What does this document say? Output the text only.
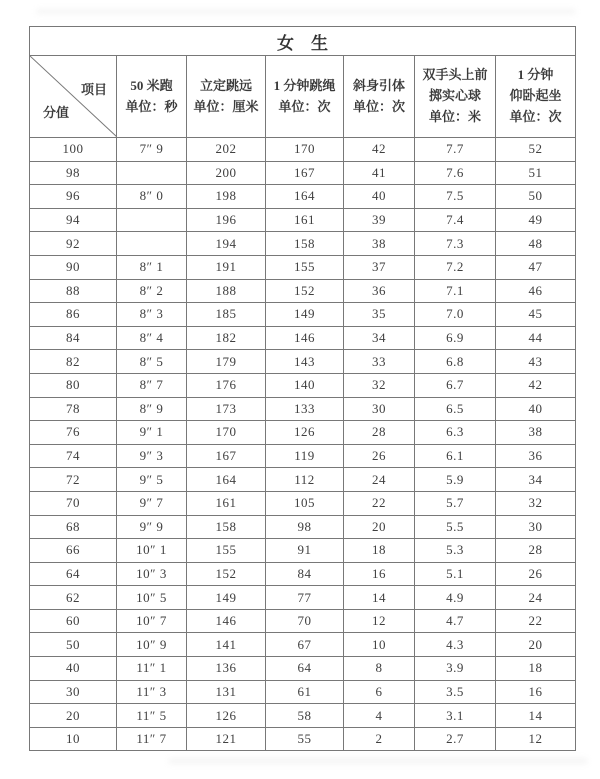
女　生						

项目
分值

50 米跑
单位：秒

立定跳远
单位：厘米

1 分钟跳绳
单位：次

斜身引体
单位：次

双手头上前
掷实心球
单位：米

1 分钟
仰卧起坐
单位：次

100	7″ 9	202	170	42	7.7	52
98		200	167	41	7.6	51
96	8″ 0	198	164	40	7.5	50
94		196	161	39	7.4	49
92		194	158	38	7.3	48
90	8″ 1	191	155	37	7.2	47
88	8″ 2	188	152	36	7.1	46
86	8″ 3	185	149	35	7.0	45
84	8″ 4	182	146	34	6.9	44
82	8″ 5	179	143	33	6.8	43
80	8″ 7	176	140	32	6.7	42
78	8″ 9	173	133	30	6.5	40
76	9″ 1	170	126	28	6.3	38
74	9″ 3	167	119	26	6.1	36
72	9″ 5	164	112	24	5.9	34
70	9″ 7	161	105	22	5.7	32
68	9″ 9	158	98	20	5.5	30
66	10″ 1	155	91	18	5.3	28
64	10″ 3	152	84	16	5.1	26
62	10″ 5	149	77	14	4.9	24
60	10″ 7	146	70	12	4.7	22
50	10″ 9	141	67	10	4.3	20
40	11″ 1	136	64	8	3.9	18
30	11″ 3	131	61	6	3.5	16
20	11″ 5	126	58	4	3.1	14
10	11″ 7	121	55	2	2.7	12
